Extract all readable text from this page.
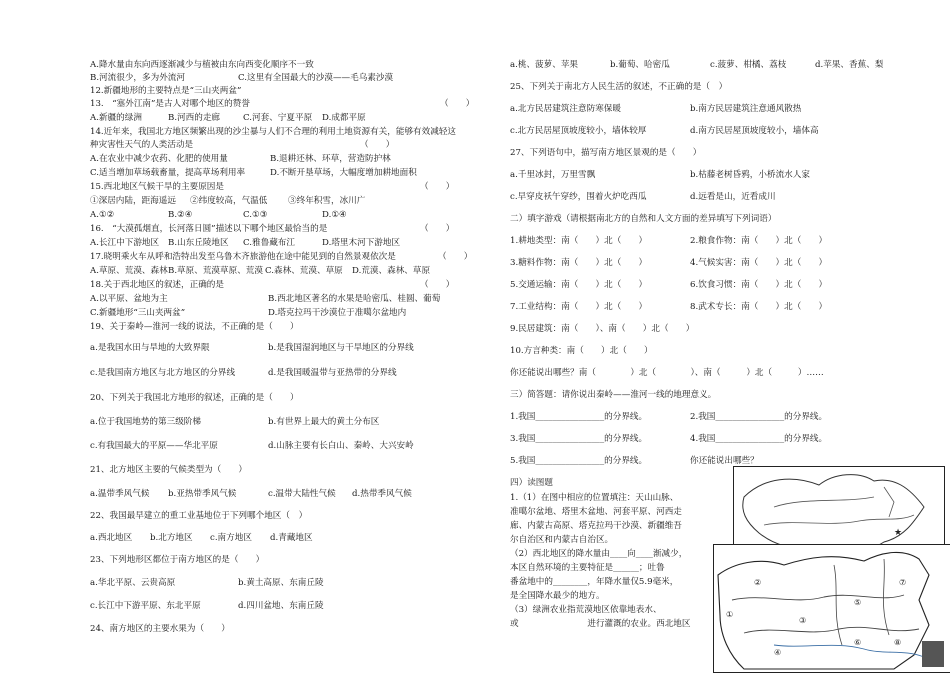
A.降水量由东向西逐渐减少与植被由东向西变化顺序不一致
B.河流很少，多为外流河	C.这里有全国最大的沙漠——毛乌素沙漠
12.新疆地形的主要特点是“三山夹两盆”
13.　“塞外江南”是古人对哪个地区的赞誉	（　　）
A.新疆的绿洲	B.河西的走廊	C.河套、宁夏平原 D.成都平原
14.近年来，我国北方地区频繁出现的沙尘暴与人们不合理的利用土地资源有关，能够有效减轻这
种灾害性天气的人类活动是	（　　）
A.在农业中减少农药、化肥的使用量	B.退耕还林、环草，营造防护林
C.适当增加草场载畜量，提高草场利用率	D.不断开垦草场，大幅度增加耕地面积
15.西北地区气候干旱的主要原因是	（　　）
①深居内陆，距海遥远 ②纬度较高，气温低 ③终年积雪，冰川广
A.①②	B.②④	C.①③	D.①④
16.　“大漠孤烟直，长河落日圆”描述以下哪个地区最恰当的是	（　　）
A.长江中下游地区 B.山东丘陵地区 C.雅鲁藏布江	D.塔里木河下游地区
17.晓明乘火车从呼和浩特出发至乌鲁木齐旅游他在途中能见到的自然景观依次是	（　　）
A.草原、荒漠、森林 B.草原、荒漠草原、荒漠 C.森林、荒漠、草原 D.荒漠、森林、草原
18.关于西北地区的叙述，正确的是	（　　）
A.以平原、盆地为主	B.西北地区著名的水果是哈密瓜、桂圆、葡萄
C.新疆地形“三山夹两盆”	D.塔克拉玛干沙漠位于准噶尔盆地内
19、关于秦岭—淮河一线的说法，不正确的是（　　）
a.是我国水田与旱地的大致界限	b.是我国湿润地区与干旱地区的分界线
c.是我国南方地区与北方地区的分界线	d.是我国暖温带与亚热带的分界线
20、下列关于我国北方地形的叙述，正确的是（　　）
a.位于我国地势的第三级阶梯	b.有世界上最大的黄土分布区
c.有我国最大的平原——华北平原	d.山脉主要有长白山、秦岭、大兴安岭
21、北方地区主要的气候类型为（　　）
a.温带季风气候 b.亚热带季风气候	c.温带大陆性气候 d.热带季风气候
22、我国最早建立的重工业基地位于下列哪个地区（　）
a.西北地区 b.北方地区 c.南方地区 d.青藏地区
23、下列地形区都位于南方地区的是（　　）
a.华北平原、云贵高原	b.黄土高原、东南丘陵
c.长江中下游平原、东北平原	d.四川盆地、东南丘陵
24、南方地区的主要水果为（　　）
a.桃、菠萝、苹果	b.葡萄、哈密瓜	c.菠萝、柑橘、荔枝	d.苹果、香蕉、梨
25、下列关于南北方人民生活的叙述，不正确的是（　）
a.北方民居建筑注意防寒保暖	b.南方民居建筑注意通风散热
c.北方民居屋顶坡度较小，墙体较厚	d.南方民居屋顶坡度较小，墙体高
27、下列语句中，描写南方地区景观的是（　　）
a.千里冰封，万里雪飘	b.枯藤老树昏鸦，小桥流水人家
c.早穿皮袄午穿纱，围着火炉吃西瓜	d.远看是山，近看成川
二）填字游戏（请根据南北方的自然和人文方面的差异填写下列词语）
1.耕地类型：南（　　）北（　　）	2.粮食作物：南（　　）北（　　）
3.糖料作物：南（　　）北（　　）	4.气候实害：南（　　）北（　　）
5.交通运输：南（　　）北（　　）	6.饮食习惯：南（　　）北（　　）
7.工业结构：南（　　）北（　　）	8.武术专长：南（　　）北（　　）
9.民居建筑：南（　　）、南（　　）北（　　）
10.方言种类：南（　　）北（　　）
你还能说出哪些？南（　　　　）北（　　　　）、南（　　　）北（　　　）……
三）简答题：请你说出秦岭——淮河一线的地理意义。
1.我国________________的分界线。	2.我国________________的分界线。
3.我国________________的分界线。	4.我国________________的分界线。
5.我国________________的分界线。	你还能说出哪些？
四）读图题
1.（1）在图中相应的位置填注：天山山脉、
准噶尔盆地、塔里木盆地、河套平原、河西走
廊、内蒙古高原、塔克拉玛干沙漠、新疆维吾
尔自治区和内蒙古自治区。
（2）西北地区的降水量由____向____渐减少，
本区自然环境的主要特征是______；吐鲁
番盆地中的________，年降水量仅5.9毫米，
是全国降水最少的地方。
（3）绿洲农业指荒漠地区依靠地表水、
或　　　　　　　　进行灌溉的农业。西北地区
★
①
②
③
④
⑤
⑥
⑦
⑧
